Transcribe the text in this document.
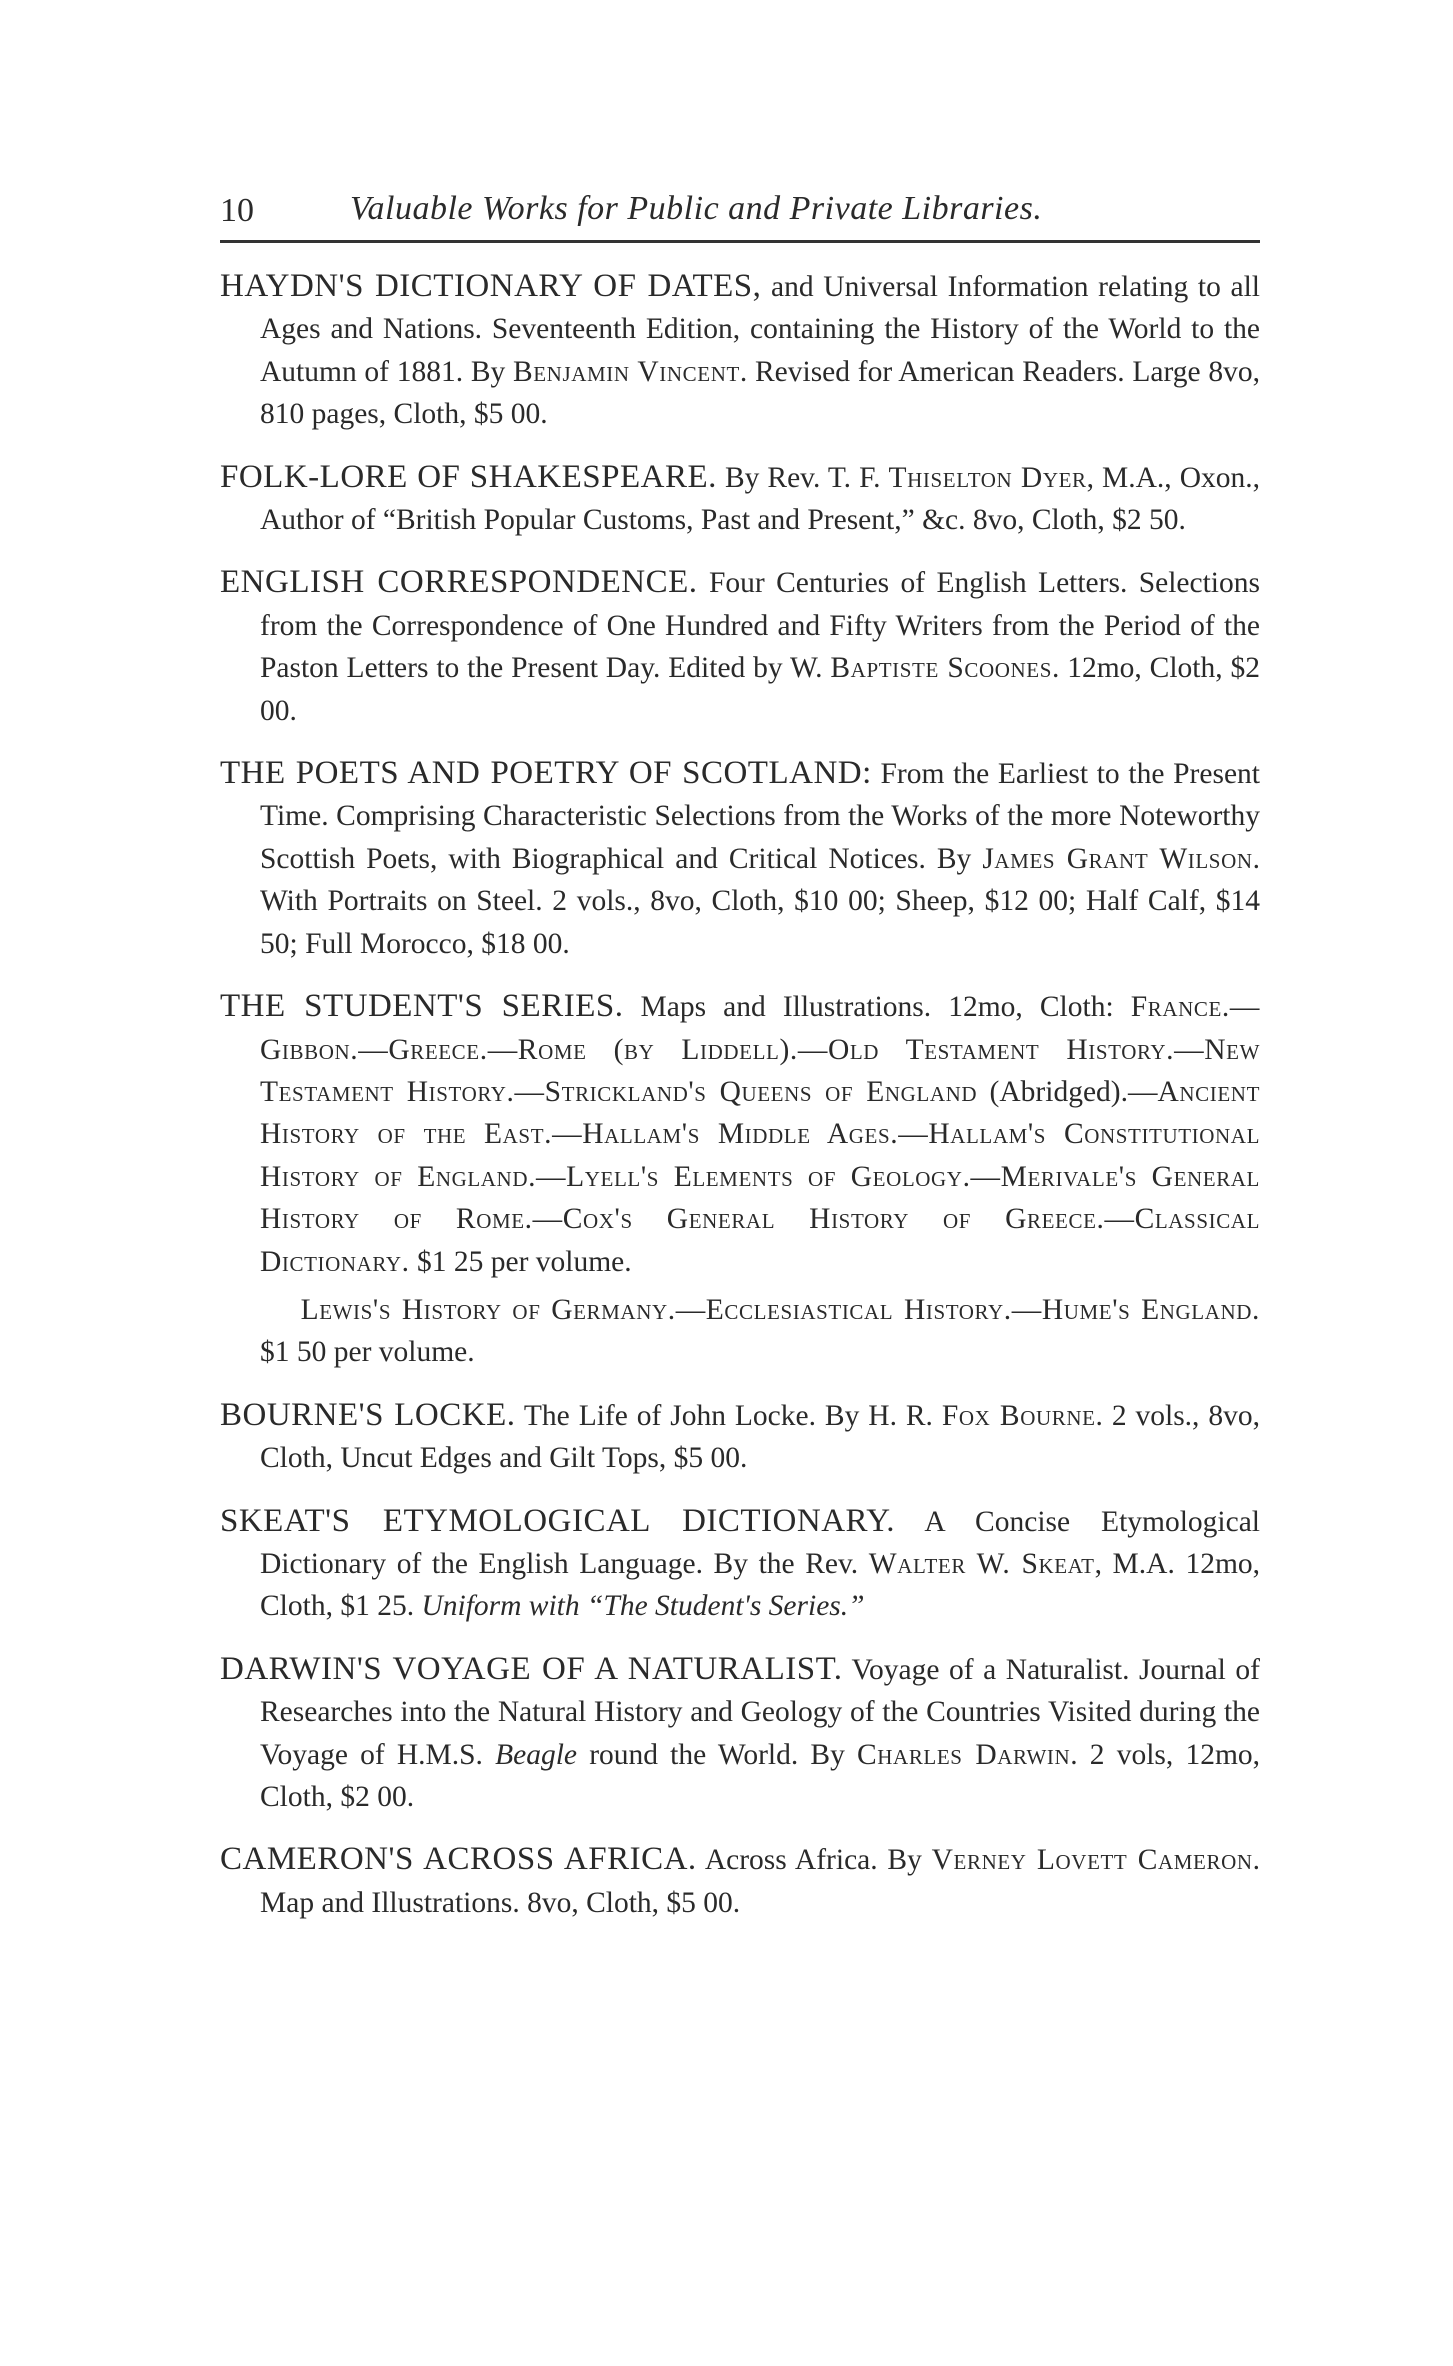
10	Valuable Works for Public and Private Libraries.

HAYDN'S DICTIONARY OF DATES, and Universal Information relating to all Ages and Nations. Seventeenth Edition, containing the History of the World to the Autumn of 1881. By Benjamin Vincent. Revised for American Readers. Large 8vo, 810 pages, Cloth, $5 00.

FOLK-LORE OF SHAKESPEARE. By Rev. T. F. Thiselton Dyer, M.A., Oxon., Author of “British Popular Customs, Past and Present,” &c. 8vo, Cloth, $2 50.

ENGLISH CORRESPONDENCE. Four Centuries of English Letters. Selections from the Correspondence of One Hundred and Fifty Writers from the Period of the Paston Letters to the Present Day. Edited by W. Baptiste Scoones. 12mo, Cloth, $2 00.

THE POETS AND POETRY OF SCOTLAND: From the Earliest to the Present Time. Comprising Characteristic Selections from the Works of the more Noteworthy Scottish Poets, with Biographical and Critical Notices. By James Grant Wilson. With Portraits on Steel. 2 vols., 8vo, Cloth, $10 00; Sheep, $12 00; Half Calf, $14 50; Full Morocco, $18 00.

THE STUDENT'S SERIES. Maps and Illustrations. 12mo, Cloth: France.—Gibbon.—Greece.—Rome (by Liddell).—Old Testament History.—New Testament History.—Strickland's Queens of England (Abridged).—Ancient History of the East.—Hallam's Middle Ages.—Hallam's Constitutional History of England.—Lyell's Elements of Geology.—Merivale's General History of Rome.—Cox's General History of Greece.—Classical Dictionary. $1 25 per volume.
Lewis's History of Germany.—Ecclesiastical History.—Hume's England. $1 50 per volume.

BOURNE'S LOCKE. The Life of John Locke. By H. R. Fox Bourne. 2 vols., 8vo, Cloth, Uncut Edges and Gilt Tops, $5 00.

SKEAT'S ETYMOLOGICAL DICTIONARY. A Concise Etymological Dictionary of the English Language. By the Rev. Walter W. Skeat, M.A. 12mo, Cloth, $1 25. Uniform with “The Student's Series.”

DARWIN'S VOYAGE OF A NATURALIST. Voyage of a Naturalist. Journal of Researches into the Natural History and Geology of the Countries Visited during the Voyage of H.M.S. Beagle round the World. By Charles Darwin. 2 vols, 12mo, Cloth, $2 00.

CAMERON'S ACROSS AFRICA. Across Africa. By Verney Lovett Cameron. Map and Illustrations. 8vo, Cloth, $5 00.
